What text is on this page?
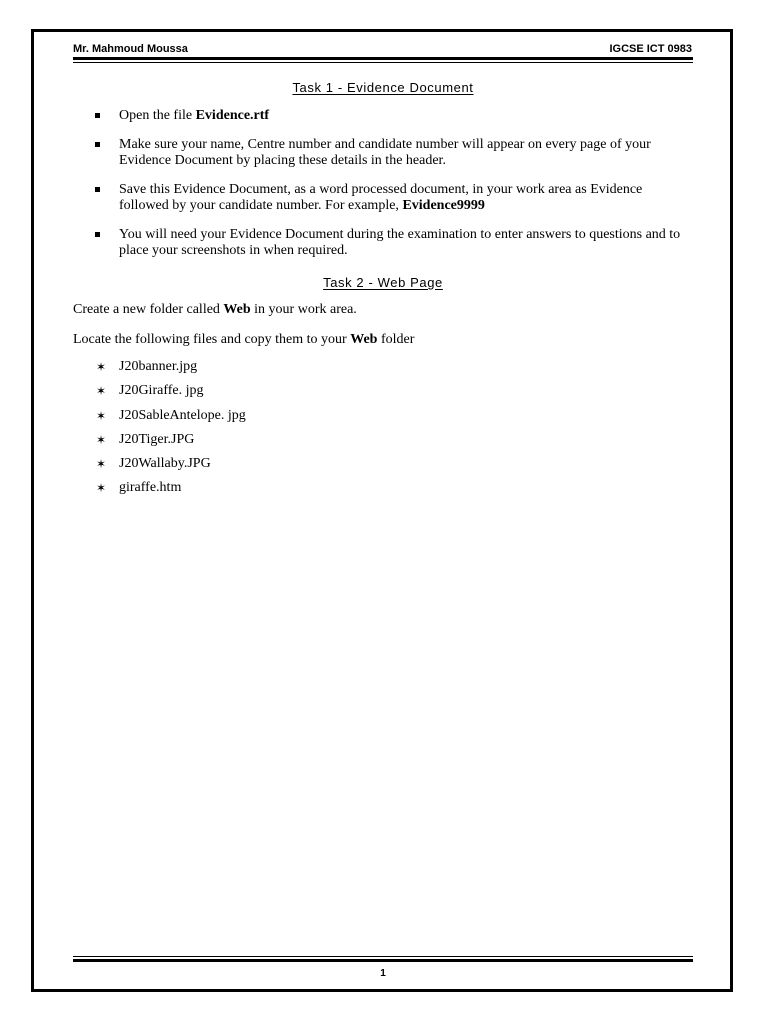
Mr. Mahmoud Moussa	IGCSE ICT 0983
Task 1 - Evidence Document
Open the file Evidence.rtf
Make sure your name, Centre number and candidate number will appear on every page of your Evidence Document by placing these details in the header.
Save this Evidence Document, as a word processed document, in your work area as Evidence followed by your candidate number. For example, Evidence9999
You will need your Evidence Document during the examination to enter answers to questions and to place your screenshots in when required.
Task 2 - Web Page
Create a new folder called Web in your work area.
Locate the following files and copy them to your Web folder
✶ J20banner.jpg
✶ J20Giraffe. jpg
✶ J20SableAntelope. jpg
✶ J20Tiger.JPG
✶ J20Wallaby.JPG
✶ giraffe.htm
1
